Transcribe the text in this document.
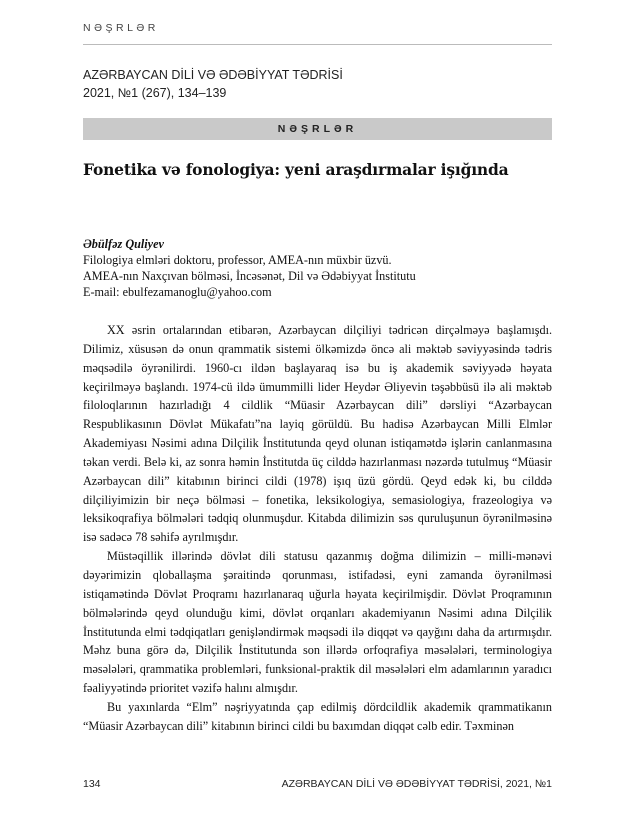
NƏŞRLƏR
AZƏRBAYCAN DİLİ VƏ ƏDƏBİYYAT TƏDRİSİ
2021, №1 (267), 134–139
NƏŞRLƏR
Fonetika və fonologiya: yeni araşdırmalar işığında
Əbülfəz Quliyev
Filologiya elmləri doktoru, professor, AMEA-nın müxbir üzvü.
AMEA-nın Naxçıvan bölməsi, İncəsənət, Dil və Ədəbiyyat İnstitutu
E-mail: ebulfezamanoglu@yahoo.com

XX əsrin ortalarından etibarən, Azərbaycan dilçiliyi tədricən dirçəlməyə başlamışdı. Dilimiz, xüsusən də onun qrammatik sistemi ölkəmizdə öncə ali məktəb səviyyəsində tədris məqsədilə öyrənilirdi. 1960-cı ildən başlayaraq isə bu iş akademik səviyyədə həyata keçirilməyə başlandı. 1974-cü ildə ümummilli lider Heydər Əliyevin təşəbbüsü ilə ali məktəb filoloqlarının hazırladığı 4 cildlik “Müasir Azərbaycan dili” dərsliyi “Azərbaycan Respublikasının Dövlət Mükafatı”na layiq görüldü. Bu hadisə Azərbaycan Milli Elmlər Akademiyası Nəsimi adına Dilçilik İnstitutunda qeyd olunan istiqamətdə işlərin canlanmasına təkan verdi. Belə ki, az sonra həmin İnstitutda üç cilddə hazırlanması nəzərdə tutulmuş “Müasir Azərbaycan dili” kitabının birinci cildi (1978) işıq üzü gördü. Qeyd edək ki, bu cilddə dilçiliyimizin bir neçə bölməsi – fonetika, leksikologiya, semasiologiya, frazeologiya və leksikoqrafiya bölmələri tədqiq olunmuşdur. Kitabda dilimizin səs quruluşunun öyrənilməsinə isə sadəcə 78 səhifə ayrılmışdır.

Müstəqillik illərində dövlət dili statusu qazanmış doğma dilimizin – milli-mənəvi dəyərimizin qloballaşma şəraitində qorunması, istifadəsi, eyni zamanda öyrənilməsi istiqamətində Dövlət Proqramı hazırlanaraq uğurla həyata keçirilmişdir. Dövlət Proqramının bölmələrində qeyd olunduğu kimi, dövlət orqanları akademiyanın Nəsimi adına Dilçilik İnstitutunda elmi tədqiqatları genişləndirmək məqsədi ilə diqqət və qayğını daha da artırmışdır. Məhz buna görə də, Dilçilik İnstitutunda son illərdə orfoqrafiya məsələləri, terminologiya məsələləri, qrammatika problemləri, funksional-praktik dil məsələləri elm adamlarının yaradıcı fəaliyyətində prioritet vəzifə halını almışdır.

Bu yaxınlarda “Elm” nəşriyyatında çap edilmiş dördcildlik akademik qrammatikanın “Müasir Azərbaycan dili” kitabının birinci cildi bu baxımdan diqqət cəlb edir. Təxminən

134	AZƏRBAYCAN DİLİ VƏ ƏDƏBİYYAT TƏDRİSİ, 2021, №1
